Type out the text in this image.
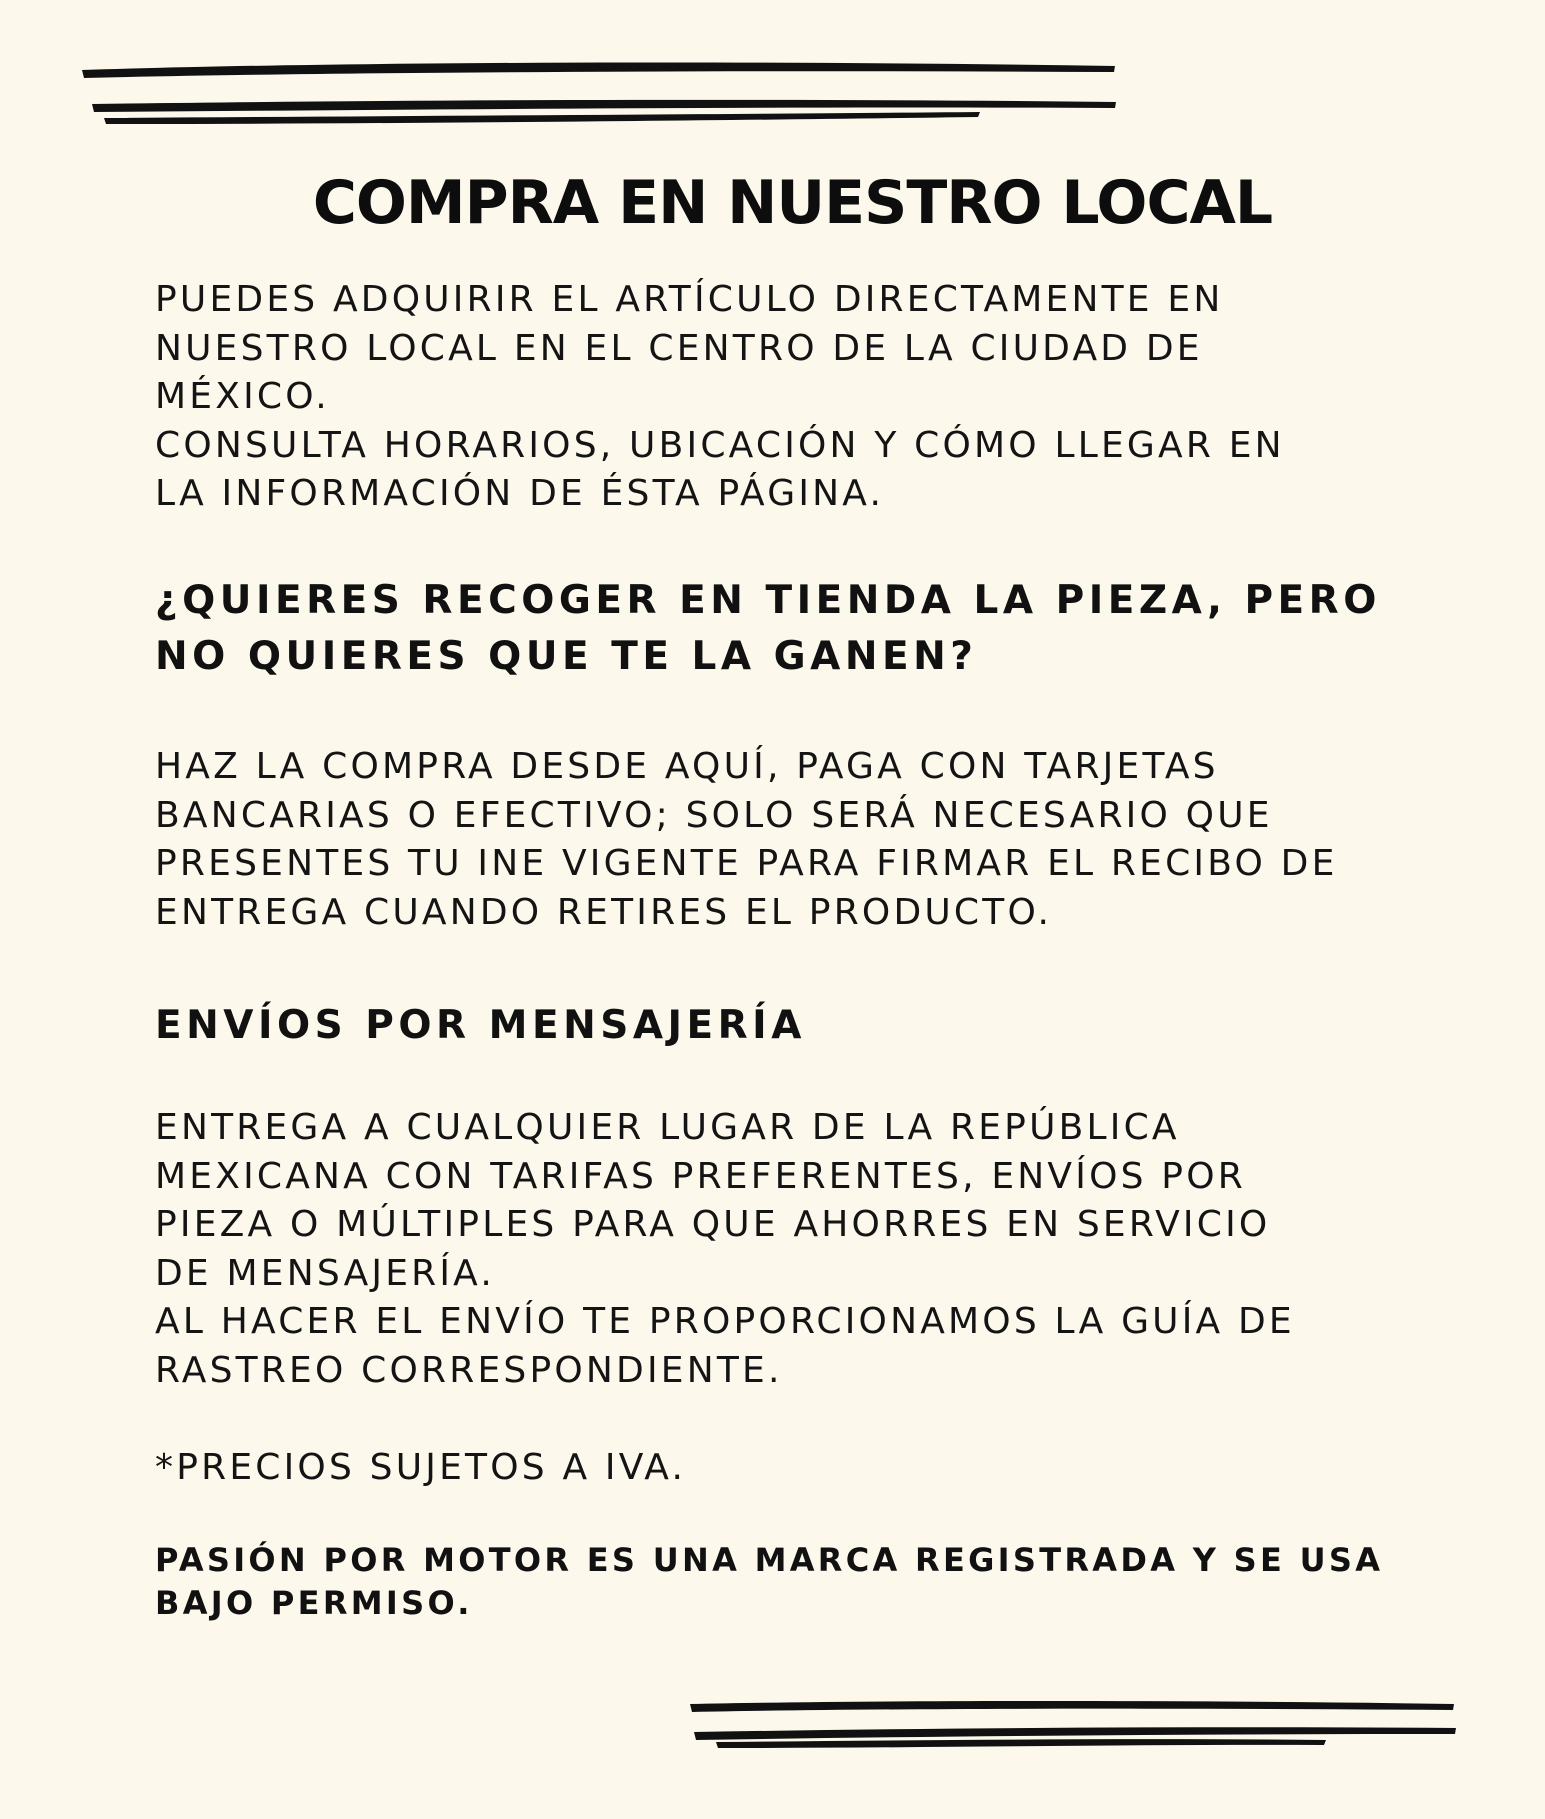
COMPRA EN NUESTRO LOCAL
PUEDES ADQUIRIR EL ARTÍCULO DIRECTAMENTE EN
NUESTRO LOCAL EN EL CENTRO DE LA CIUDAD DE
MÉXICO.
CONSULTA HORARIOS, UBICACIÓN Y CÓMO LLEGAR EN
LA INFORMACIÓN DE ÉSTA PÁGINA.
¿QUIERES RECOGER EN TIENDA LA PIEZA, PERO
NO QUIERES QUE TE LA GANEN?
HAZ LA COMPRA DESDE AQUÍ, PAGA CON TARJETAS
BANCARIAS O EFECTIVO; SOLO SERÁ NECESARIO QUE
PRESENTES TU INE VIGENTE PARA FIRMAR EL RECIBO DE
ENTREGA CUANDO RETIRES EL PRODUCTO.
ENVÍOS POR MENSAJERÍA
ENTREGA A CUALQUIER LUGAR DE LA REPÚBLICA
MEXICANA CON TARIFAS PREFERENTES, ENVÍOS POR
PIEZA O MÚLTIPLES PARA QUE AHORRES EN SERVICIO
DE MENSAJERÍA.
AL HACER EL ENVÍO TE PROPORCIONAMOS LA GUÍA DE
RASTREO CORRESPONDIENTE.
*PRECIOS SUJETOS A IVA.
PASIÓN POR MOTOR ES UNA MARCA REGISTRADA Y SE USA
BAJO PERMISO.
